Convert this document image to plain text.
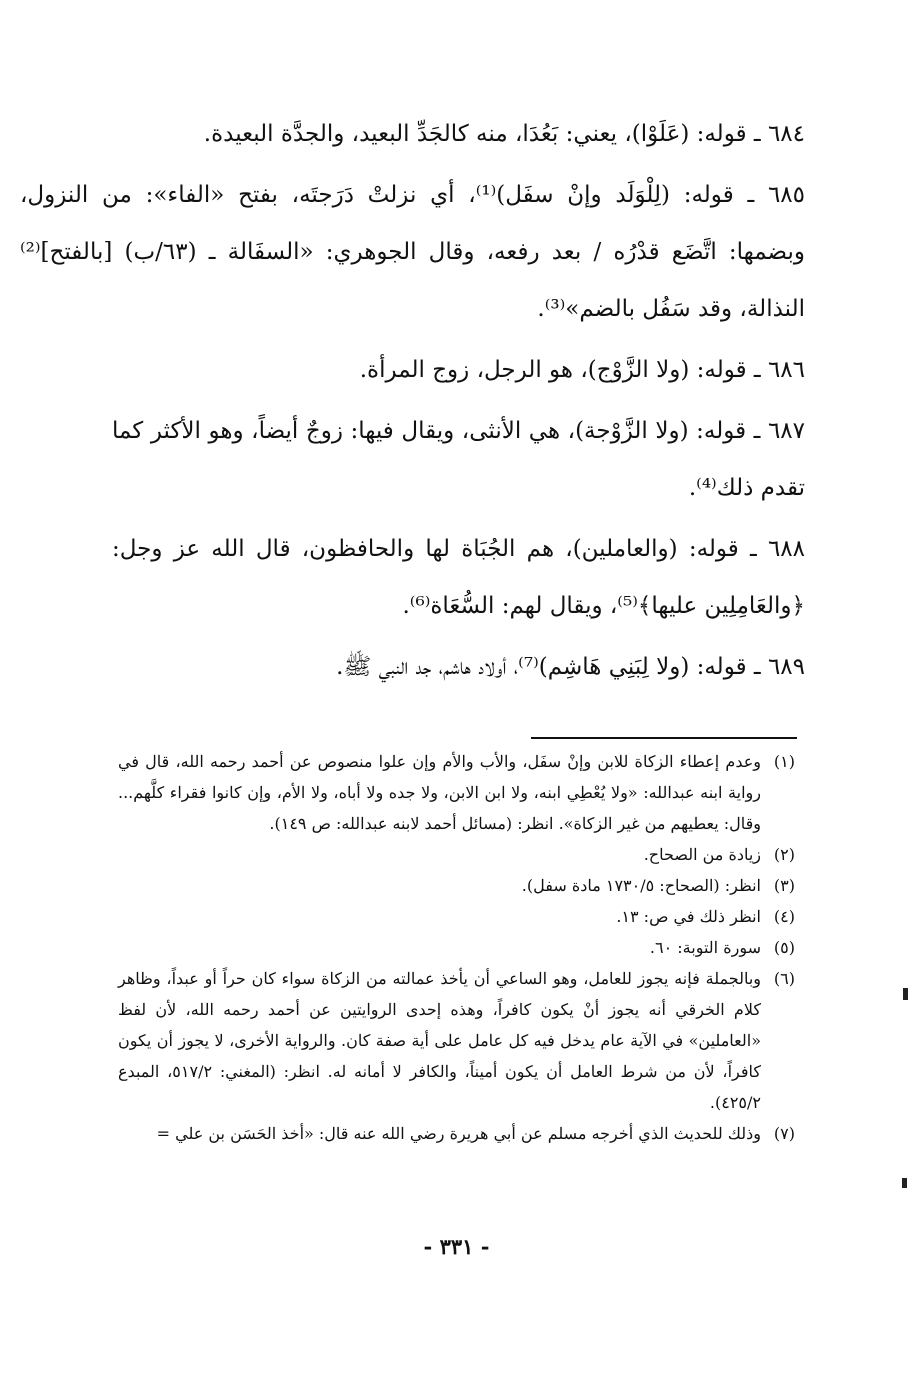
٦٨٤ ـ قوله: (عَلَوْا)، يعني: بَعُدَا، منه كالجَدِّ البعيد، والجدَّة البعيدة.

٦٨٥ ـ قوله: (لِلْوَلَد وإنْ سفَل)⁽¹⁾، أي نزلتْ دَرَجتَه، بفتح «الفاء»: من النزول، وبضمها: اتَّضَع قدْرُه / بعد رفعه، وقال الجوهري: «السفَالة ـ (٦٣/ب) [بالفتح]⁽²⁾ النذالة، وقد سَفُل بالضم»⁽³⁾.

٦٨٦ ـ قوله: (ولا الزَّوْج)، هو الرجل، زوج المرأة.

٦٨٧ ـ قوله: (ولا الزَّوْجة)، هي الأنثى، ويقال فيها: زوجٌ أيضاً، وهو الأكثر كما تقدم ذلك⁽⁴⁾.

٦٨٨ ـ قوله: (والعاملين)، هم الجُبَاة لها والحافظون، قال الله عز وجل: ﴿والعَامِلِين عليها﴾⁽⁵⁾، ويقال لهم: السُّعَاة⁽⁶⁾.

٦٨٩ ـ قوله: (ولا لِبَنِي هَاشِم)⁽⁷⁾، أولاد هاشم، جد النبي ﷺ.

(١)
وعدم إعطاء الزكاة للابن وإنْ سفَل، والأب والأم وإن علوا منصوص عن أحمد رحمه الله، قال في رواية ابنه عبدالله: «ولا يُعْطِي ابنه، ولا ابن الابن، ولا جده ولا أباه، ولا الأم، وإن كانوا فقراء كلَّهم... وقال: يعطيهم من غير الزكاة». انظر: (مسائل أحمد لابنه عبدالله: ص ١٤٩).
(٢)
زيادة من الصحاح.
(٣)
انظر: (الصحاح: ١٧٣٠/٥ مادة سفل).
(٤)
انظر ذلك في ص: ١٣.
(٥)
سورة التوبة: ٦٠.
(٦)
وبالجملة فإنه يجوز للعامل، وهو الساعي أن يأخذ عمالته من الزكاة سواء كان حراً أو عبداً، وظاهر كلام الخرقي أنه يجوز أنْ يكون كافراً، وهذه إحدى الروايتين عن أحمد رحمه الله، لأن لفظ «العاملين» في الآية عام يدخل فيه كل عامل على أية صفة كان. والرواية الأخرى، لا يجوز أن يكون كافراً، لأن من شرط العامل أن يكون أميناً، والكافر لا أمانه له. انظر: (المغني: ٥١٧/٢، المبدع ٤٢٥/٢).
(٧)
وذلك للحديث الذي أخرجه مسلم عن أبي هريرة رضي الله عنه قال: «أخذ الحَسَن بن علي =
- ٣٣١ -
